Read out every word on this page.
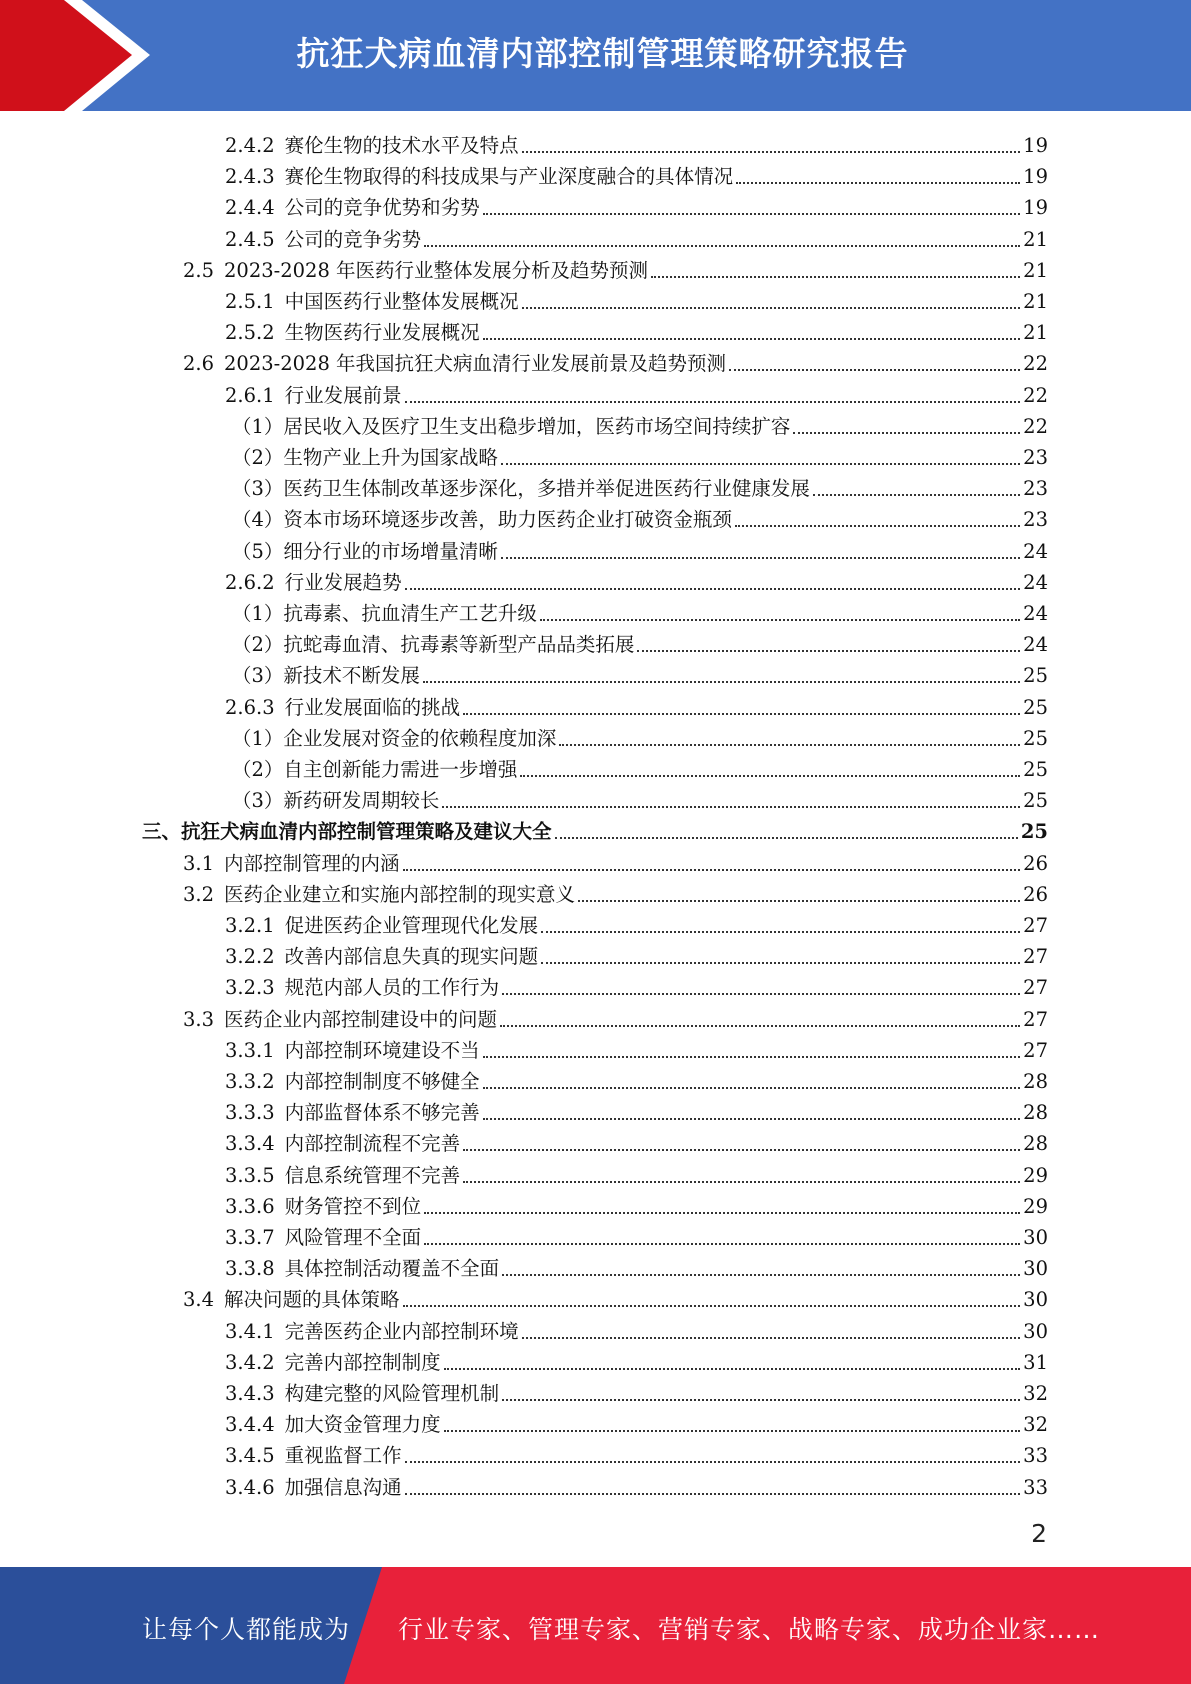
抗狂犬病血清内部控制管理策略研究报告
2.4.2 赛伦生物的技术水平及特点	19
2.4.3 赛伦生物取得的科技成果与产业深度融合的具体情况	19
2.4.4 公司的竞争优势和劣势	19
2.4.5 公司的竞争劣势	21
2.5 2023-2028 年医药行业整体发展分析及趋势预测	21
2.5.1 中国医药行业整体发展概况	21
2.5.2 生物医药行业发展概况	21
2.6 2023-2028 年我国抗狂犬病血清行业发展前景及趋势预测	22
2.6.1 行业发展前景	22
（1） 居民收入及医疗卫生支出稳步增加，医药市场空间持续扩容	22
（2） 生物产业上升为国家战略	23
（3） 医药卫生体制改革逐步深化，多措并举促进医药行业健康发展	23
（4） 资本市场环境逐步改善，助力医药企业打破资金瓶颈	23
（5） 细分行业的市场增量清晰	24
2.6.2 行业发展趋势	24
（1） 抗毒素、抗血清生产工艺升级	24
（2） 抗蛇毒血清、抗毒素等新型产品品类拓展	24
（3） 新技术不断发展	25
2.6.3 行业发展面临的挑战	25
（1） 企业发展对资金的依赖程度加深	25
（2） 自主创新能力需进一步增强	25
（3） 新药研发周期较长	25
三、 抗狂犬病血清内部控制管理策略及建议大全	25
3.1 内部控制管理的内涵	26
3.2 医药企业建立和实施内部控制的现实意义	26
3.2.1 促进医药企业管理现代化发展	27
3.2.2 改善内部信息失真的现实问题	27
3.2.3 规范内部人员的工作行为	27
3.3 医药企业内部控制建设中的问题	27
3.3.1 内部控制环境建设不当	27
3.3.2 内部控制制度不够健全	28
3.3.3 内部监督体系不够完善	28
3.3.4 内部控制流程不完善	28
3.3.5 信息系统管理不完善	29
3.3.6 财务管控不到位	29
3.3.7 风险管理不全面	30
3.3.8 具体控制活动覆盖不全面	30
3.4 解决问题的具体策略	30
3.4.1 完善医药企业内部控制环境	30
3.4.2 完善内部控制制度	31
3.4.3 构建完整的风险管理机制	32
3.4.4 加大资金管理力度	32
3.4.5 重视监督工作	33
3.4.6 加强信息沟通	33
2
让每个人都能成为 行业专家、管理专家、营销专家、战略专家、成功企业家……
